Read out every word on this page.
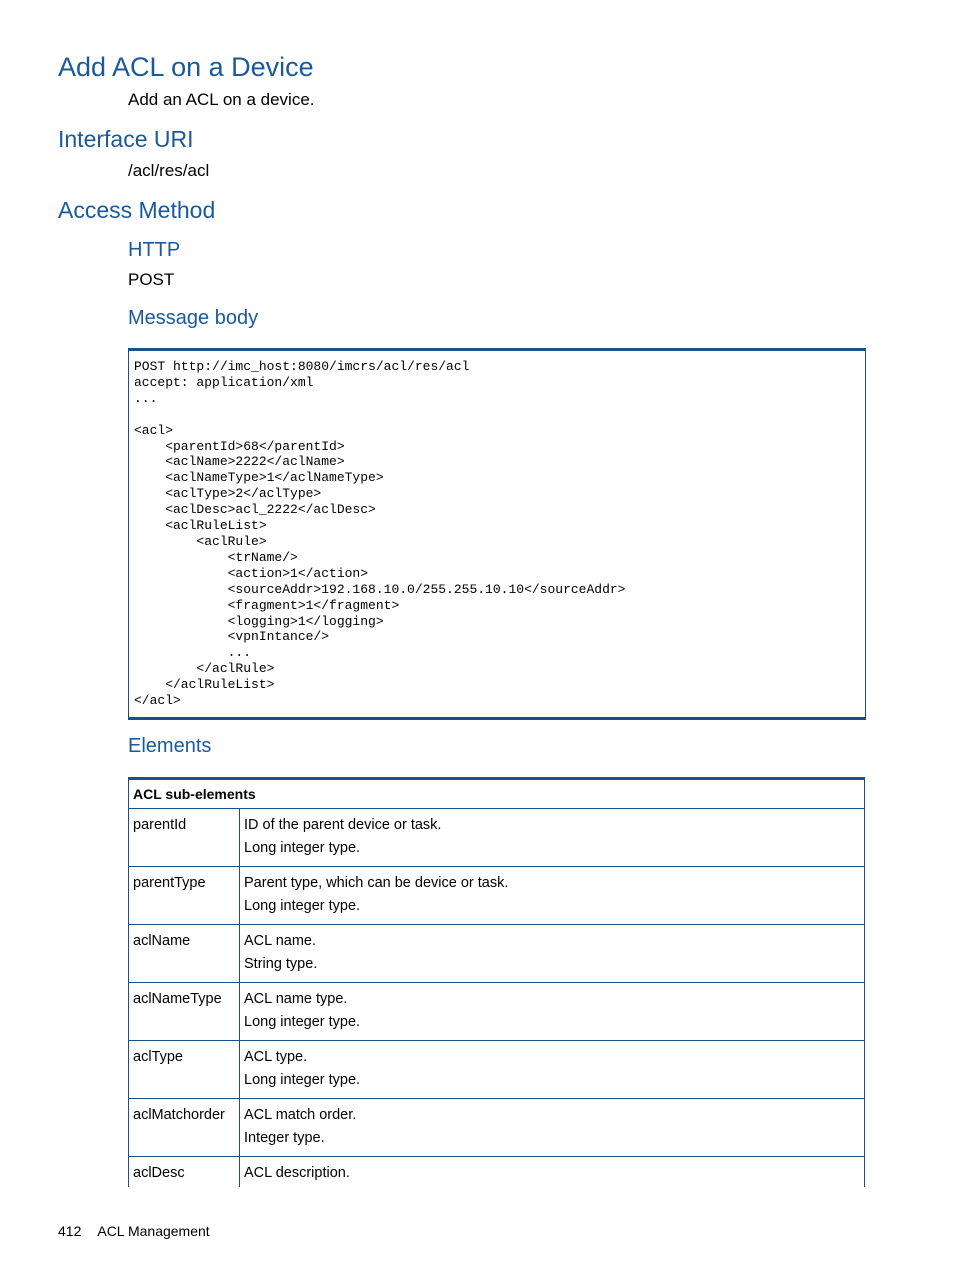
Add ACL on a Device

Add an ACL on a device.

Interface URI

/acl/res/acl

Access Method
HTTP

POST

Message body
POST http://imc_host:8080/imcrs/acl/res/acl
accept: application/xml
...

<acl>
<parentId>68</parentId>
<aclName>2222</aclName>
<aclNameType>1</aclNameType>
<aclType>2</aclType>
<aclDesc>acl_2222</aclDesc>
<aclRuleList>
<aclRule>
<trName/>
<action>1</action>
<sourceAddr>192.168.10.0/255.255.10.10</sourceAddr>
<fragment>1</fragment>
<logging>1</logging>
<vpnIntance/>
...
</aclRule>
</aclRuleList>
</acl>
Elements
ACL sub-elements
parentId	ID of the parent device or task.
Long integer type.
parentType	Parent type, which can be device or task.
Long integer type.
aclName	ACL name.
String type.
aclNameType	ACL name type.
Long integer type.
aclType	ACL type.
Long integer type.
aclMatchorder	ACL match order.
Integer type.
aclDesc	ACL description.
412 ACL Management
